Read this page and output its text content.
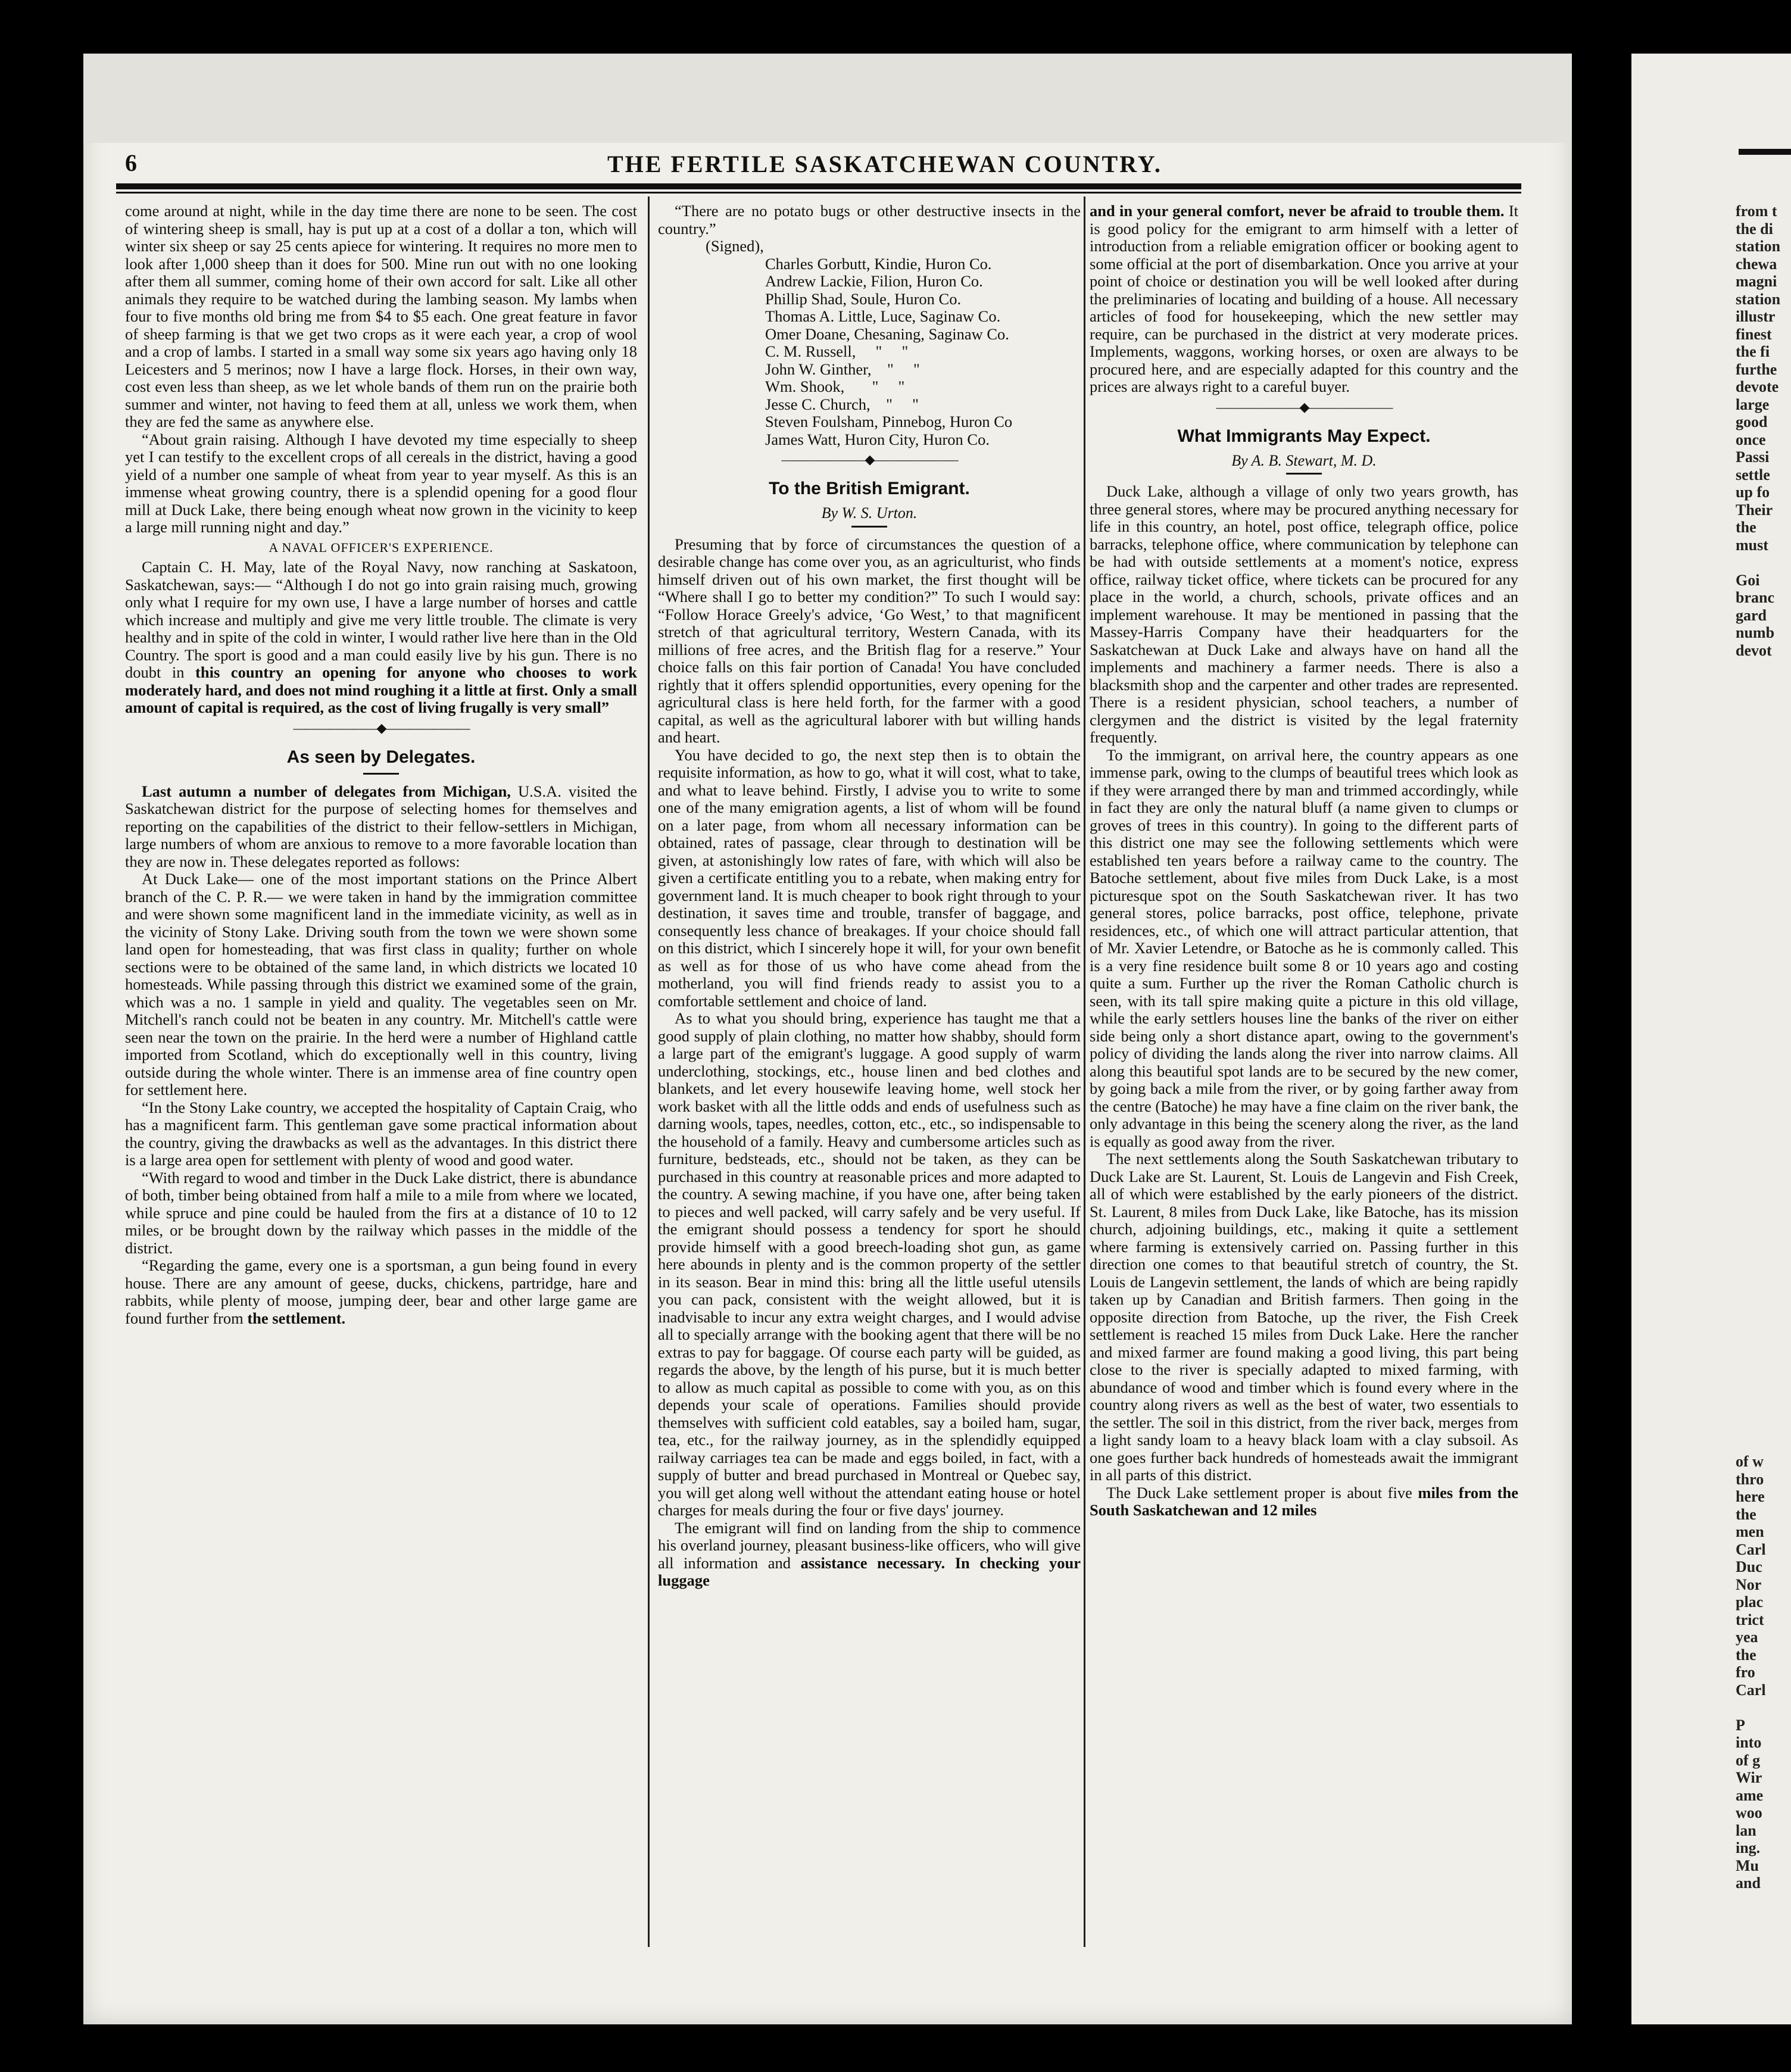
6	THE FERTILE SASKATCHEWAN COUNTRY.

come around at night, while in the day time there are none to be seen. The cost of wintering sheep is small, hay is put up at a cost of a dollar a ton, which will winter six sheep or say 25 cents apiece for wintering. It requires no more men to look after 1,000 sheep than it does for 500. Mine run out with no one looking after them all summer, coming home of their own accord for salt. Like all other animals they require to be watched during the lambing season. My lambs when four to five months old bring me from $4 to $5 each. One great feature in favor of sheep farming is that we get two crops as it were each year, a crop of wool and a crop of lambs. I started in a small way some six years ago having only 18 Leicesters and 5 merinos; now I have a large flock. Horses, in their own way, cost even less than sheep, as we let whole bands of them run on the prairie both summer and winter, not having to feed them at all, unless we work them, when they are fed the same as anywhere else.

“About grain raising. Although I have devoted my time especially to sheep yet I can testify to the excellent crops of all cereals in the district, having a good yield of a number one sample of wheat from year to year myself. As this is an immense wheat growing country, there is a splendid opening for a good flour mill at Duck Lake, there being enough wheat now grown in the vicinity to keep a large mill running night and day.”

A NAVAL OFFICER'S EXPERIENCE.

Captain C. H. May, late of the Royal Navy, now ranching at Saskatoon, Saskatchewan, says:— “Although I do not go into grain raising much, growing only what I require for my own use, I have a large number of horses and cattle which increase and multiply and give me very little trouble. The climate is very healthy and in spite of the cold in winter, I would rather live here than in the Old Country. The sport is good and a man could easily live by his gun. There is no doubt in this country an opening for anyone who chooses to work moderately hard, and does not mind roughing it a little at first. Only a small amount of capital is required, as the cost of living frugally is very small”

———————◆———————
As seen by Delegates.

Last autumn a number of delegates from Michigan, U.S.A. visited the Saskatchewan district for the purpose of selecting homes for themselves and reporting on the capabilities of the district to their fellow-settlers in Michigan, large numbers of whom are anxious to remove to a more favorable location than they are now in. These delegates reported as follows:

At Duck Lake— one of the most important stations on the Prince Albert branch of the C. P. R.— we were taken in hand by the immigration committee and were shown some magnificent land in the immediate vicinity, as well as in the vicinity of Stony Lake. Driving south from the town we were shown some land open for homesteading, that was first class in quality; further on whole sections were to be obtained of the same land, in which districts we located 10 homesteads. While passing through this district we examined some of the grain, which was a no. 1 sample in yield and quality. The vegetables seen on Mr. Mitchell's ranch could not be beaten in any country. Mr. Mitchell's cattle were seen near the town on the prairie. In the herd were a number of Highland cattle imported from Scotland, which do exceptionally well in this country, living outside during the whole winter. There is an immense area of fine country open for settlement here.

“In the Stony Lake country, we accepted the hospitality of Captain Craig, who has a magnificent farm. This gentleman gave some practical information about the country, giving the drawbacks as well as the advantages. In this district there is a large area open for settlement with plenty of wood and good water.

“With regard to wood and timber in the Duck Lake district, there is abundance of both, timber being obtained from half a mile to a mile from where we located, while spruce and pine could be hauled from the firs at a distance of 10 to 12 miles, or be brought down by the railway which passes in the middle of the district.

“Regarding the game, every one is a sportsman, a gun being found in every house. There are any amount of geese, ducks, chickens, partridge, hare and rabbits, while plenty of moose, jumping deer, bear and other large game are found further from the settlement.

“There are no potato bugs or other destructive insects in the country.”

(Signed),

Charles Gorbutt, Kindie, Huron Co.
Andrew Lackie, Filion, Huron Co.
Phillip Shad, Soule, Huron Co.
Thomas A. Little, Luce, Saginaw Co.
Omer Doane, Chesaning, Saginaw Co.
C. M. Russell,     "     "
John W. Ginther,    "     "
Wm. Shook,       "     "
Jesse C. Church,    "     "
Steven Foulsham, Pinnebog, Huron Co
James Watt, Huron City, Huron Co.
———————◆———————
To the British Emigrant.
By W. S. Urton.

Presuming that by force of circumstances the question of a desirable change has come over you, as an agriculturist, who finds himself driven out of his own market, the first thought will be “Where shall I go to better my condition?” To such I would say: “Follow Horace Greely's advice, ‘Go West,’ to that magnificent stretch of that agricultural territory, Western Canada, with its millions of free acres, and the British flag for a reserve.” Your choice falls on this fair portion of Canada! You have concluded rightly that it offers splendid opportunities, every opening for the agricultural class is here held forth, for the farmer with a good capital, as well as the agricultural laborer with but willing hands and heart.

You have decided to go, the next step then is to obtain the requisite information, as how to go, what it will cost, what to take, and what to leave behind. Firstly, I advise you to write to some one of the many emigration agents, a list of whom will be found on a later page, from whom all necessary information can be obtained, rates of passage, clear through to destination will be given, at astonishingly low rates of fare, with which will also be given a certificate entitling you to a rebate, when making entry for government land. It is much cheaper to book right through to your destination, it saves time and trouble, transfer of baggage, and consequently less chance of breakages. If your choice should fall on this district, which I sincerely hope it will, for your own benefit as well as for those of us who have come ahead from the motherland, you will find friends ready to assist you to a comfortable settlement and choice of land.

As to what you should bring, experience has taught me that a good supply of plain clothing, no matter how shabby, should form a large part of the emigrant's luggage. A good supply of warm underclothing, stockings, etc., house linen and bed clothes and blankets, and let every housewife leaving home, well stock her work basket with all the little odds and ends of usefulness such as darning wools, tapes, needles, cotton, etc., etc., so indispensable to the household of a family. Heavy and cumbersome articles such as furniture, bedsteads, etc., should not be taken, as they can be purchased in this country at reasonable prices and more adapted to the country. A sewing machine, if you have one, after being taken to pieces and well packed, will carry safely and be very useful. If the emigrant should possess a tendency for sport he should provide himself with a good breech-loading shot gun, as game here abounds in plenty and is the common property of the settler in its season. Bear in mind this: bring all the little useful utensils you can pack, consistent with the weight allowed, but it is inadvisable to incur any extra weight charges, and I would advise all to specially arrange with the booking agent that there will be no extras to pay for baggage. Of course each party will be guided, as regards the above, by the length of his purse, but it is much better to allow as much capital as possible to come with you, as on this depends your scale of operations. Families should provide themselves with sufficient cold eatables, say a boiled ham, sugar, tea, etc., for the railway journey, as in the splendidly equipped railway carriages tea can be made and eggs boiled, in fact, with a supply of butter and bread purchased in Montreal or Quebec say, you will get along well without the attendant eating house or hotel charges for meals during the four or five days' journey.

The emigrant will find on landing from the ship to commence his overland journey, pleasant business-like officers, who will give all information and assistance necessary. In checking your luggage

and in your general comfort, never be afraid to trouble them. It is good policy for the emigrant to arm himself with a letter of introduction from a reliable emigration officer or booking agent to some official at the port of disembarkation. Once you arrive at your point of choice or destination you will be well looked after during the preliminaries of locating and building of a house. All necessary articles of food for housekeeping, which the new settler may require, can be purchased in the district at very moderate prices. Implements, waggons, working horses, or oxen are always to be procured here, and are especially adapted for this country and the prices are always right to a careful buyer.

———————◆———————
What Immigrants May Expect.
By A. B. Stewart, M. D.

Duck Lake, although a village of only two years growth, has three general stores, where may be procured anything necessary for life in this country, an hotel, post office, telegraph office, police barracks, telephone office, where communication by telephone can be had with outside settlements at a moment's notice, express office, railway ticket office, where tickets can be procured for any place in the world, a church, schools, private offices and an implement warehouse. It may be mentioned in passing that the Massey-Harris Company have their headquarters for the Saskatchewan at Duck Lake and always have on hand all the implements and machinery a farmer needs. There is also a blacksmith shop and the carpenter and other trades are represented. There is a resident physician, school teachers, a number of clergymen and the district is visited by the legal fraternity frequently.

To the immigrant, on arrival here, the country appears as one immense park, owing to the clumps of beautiful trees which look as if they were arranged there by man and trimmed accordingly, while in fact they are only the natural bluff (a name given to clumps or groves of trees in this country). In going to the different parts of this district one may see the following settlements which were established ten years before a railway came to the country. The Batoche settlement, about five miles from Duck Lake, is a most picturesque spot on the South Saskatchewan river. It has two general stores, police barracks, post office, telephone, private residences, etc., of which one will attract particular attention, that of Mr. Xavier Letendre, or Batoche as he is commonly called. This is a very fine residence built some 8 or 10 years ago and costing quite a sum. Further up the river the Roman Catholic church is seen, with its tall spire making quite a picture in this old village, while the early settlers houses line the banks of the river on either side being only a short distance apart, owing to the government's policy of dividing the lands along the river into narrow claims. All along this beautiful spot lands are to be secured by the new comer, by going back a mile from the river, or by going farther away from the centre (Batoche) he may have a fine claim on the river bank, the only advantage in this being the scenery along the river, as the land is equally as good away from the river.

The next settlements along the South Saskatchewan tributary to Duck Lake are St. Laurent, St. Louis de Langevin and Fish Creek, all of which were established by the early pioneers of the district. St. Laurent, 8 miles from Duck Lake, like Batoche, has its mission church, adjoining buildings, etc., making it quite a settlement where farming is extensively carried on. Passing further in this direction one comes to that beautiful stretch of country, the St. Louis de Langevin settlement, the lands of which are being rapidly taken up by Canadian and British farmers. Then going in the opposite direction from Batoche, up the river, the Fish Creek settlement is reached 15 miles from Duck Lake. Here the rancher and mixed farmer are found making a good living, this part being close to the river is specially adapted to mixed farming, with abundance of wood and timber which is found every where in the country along rivers as well as the best of water, two essentials to the settler. The soil in this district, from the river back, merges from a light sandy loam to a heavy black loam with a clay subsoil. As one goes further back hundreds of homesteads await the immigrant in all parts of this district.

The Duck Lake settlement proper is about five miles from the South Saskatchewan and 12 miles

from t
the di
station
chewa
magni
station
illustr
finest
the fi
furthe
devote
large
good
once
Passi
settle
up fo
Their
the
must

Goi
branc
gard
numb
devot
of w
thro
here
the
men
Carl
Duc
Nor
plac
trict
yea
the
fro
Carl

P
into
of g
Wir
ame
woo
lan
ing.
Mu
and
